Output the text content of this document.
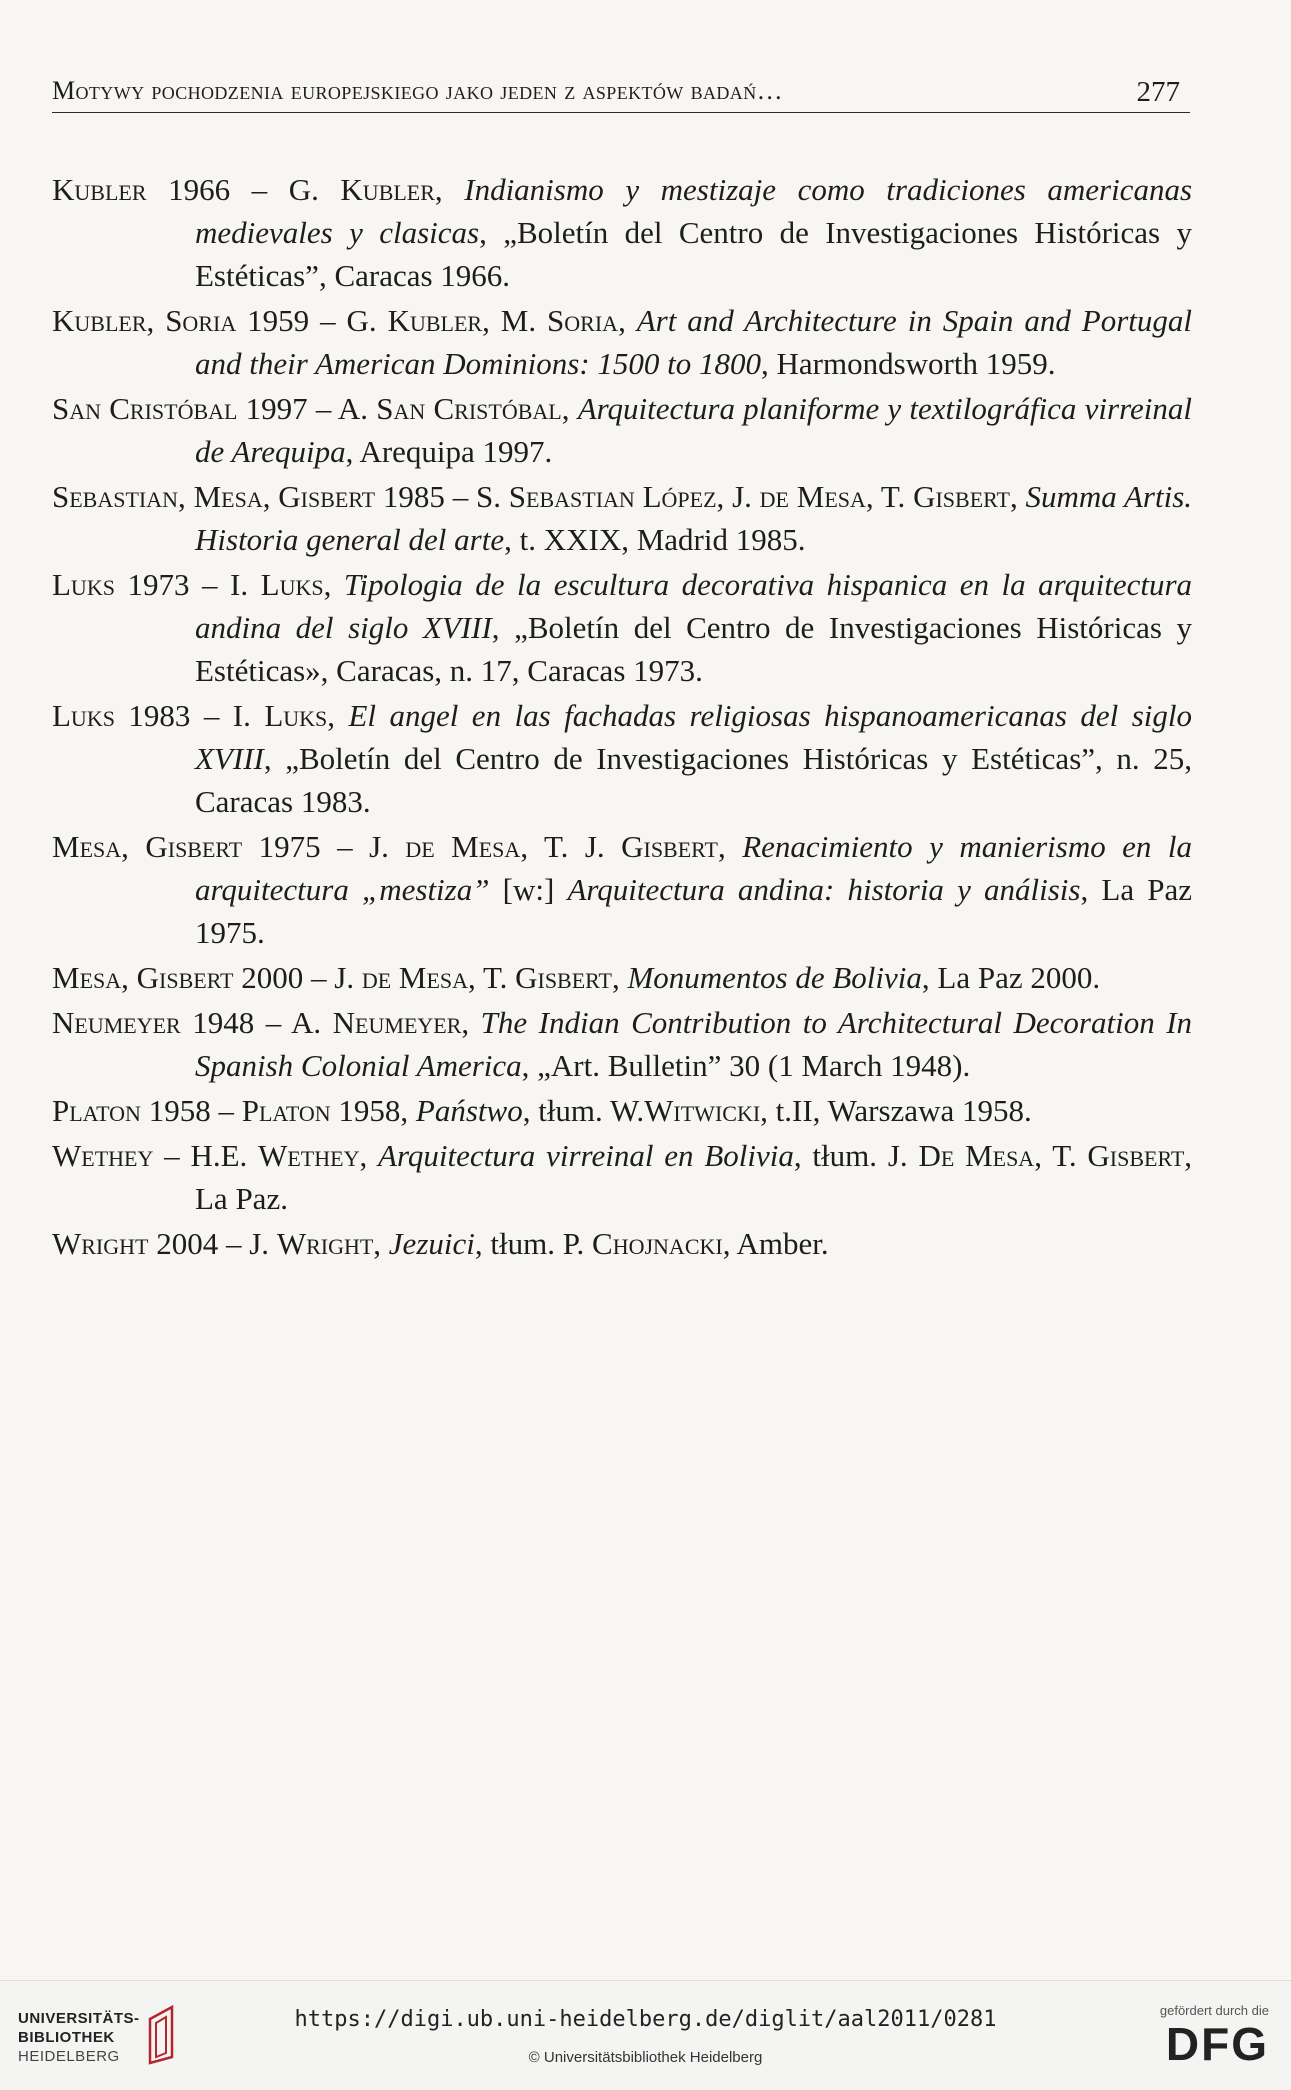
Motywy pochodzenia europejskiego jako jeden z aspektów badań…	277

Kubler 1966 – G. Kubler, Indianismo y mestizaje como tradiciones americanas medievales y clasicas, „Boletín del Centro de Investigaciones Históricas y Estéticas”, Caracas 1966.

Kubler, Soria 1959 – G. Kubler, M. Soria, Art and Architecture in Spain and Portugal and their American Dominions: 1500 to 1800, Harmondsworth 1959.

San Cristóbal 1997 – A. San Cristóbal, Arquitectura planiforme y textilográfica virreinal de Arequipa, Arequipa 1997.

Sebastian, Mesa, Gisbert 1985 – S. Sebastian López, J. de Mesa, T. Gisbert, Summa Artis. Historia general del arte, t. XXIX, Madrid 1985.

Luks 1973 – I. Luks, Tipologia de la escultura decorativa hispanica en la arquitectura andina del siglo XVIII, „Boletín del Centro de Investigaciones Históricas y Estéticas», Caracas, n. 17, Caracas 1973.

Luks 1983 – I. Luks, El angel en las fachadas religiosas hispanoamericanas del siglo XVIII, „Boletín del Centro de Investigaciones Históricas y Estéticas”, n. 25, Caracas 1983.

Mesa, Gisbert 1975 – J. de Mesa, T. J. Gisbert, Renacimiento y manierismo en la arquitectura „mestiza” [w:] Arquitectura andina: historia y análisis, La Paz 1975.

Mesa, Gisbert 2000 – J. de Mesa, T. Gisbert, Monumentos de Bolivia, La Paz 2000.

Neumeyer 1948 – A. Neumeyer, The Indian Contribution to Architectural Decoration In Spanish Colonial America, „Art. Bulletin” 30 (1 March 1948).

Platon 1958 – Platon 1958, Państwo, tłum. W.Witwicki, t.II, Warszawa 1958.

Wethey – H.E. Wethey, Arquitectura virreinal en Bolivia, tłum. J. De Mesa, T. Gisbert, La Paz.

Wright 2004 – J. Wright, Jezuici, tłum. P. Chojnacki, Amber.

UNIVERSITÄTS-
BIBLIOTHEK
HEIDELBERG
https://digi.ub.uni-heidelberg.de/diglit/aal2011/0281
© Universitätsbibliothek Heidelberg
gefördert durch die
DFG
